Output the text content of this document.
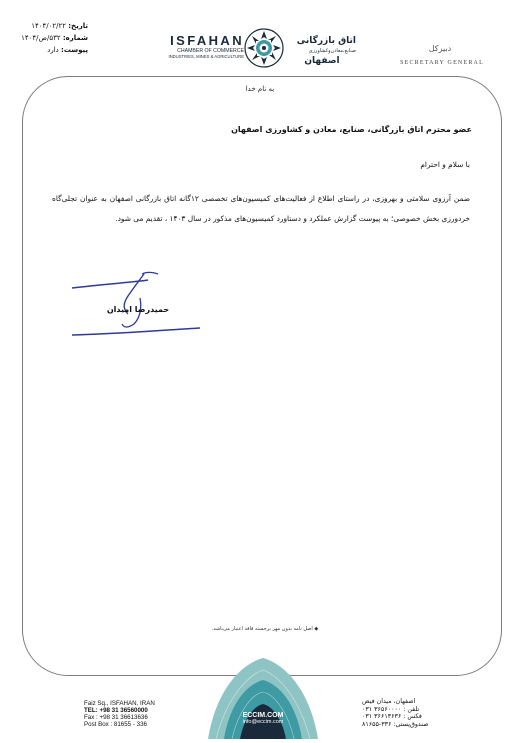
تاریخ: ۱۴۰۴/۰۲/۲۲
شماره: ۵۳۲/ص/۱۴۰۴
پیوست: دارد
ISFAHAN
CHAMBER OF COMMERCE
INDUSTRIES, MINES & AGRICULTURE
اتاق بازرگانی
صنایع،معادن‌وکشاورزی
اصفهان
دبیرکل
SECRETARY GENERAL
به نام خدا
عضو محترم اتاق بازرگانی، صنایع، معادن و کشاورزی اصفهان
با سلام و احترام
ضمن آرزوی سلامتی و بهروزی، در راستای اطلاع از فعالیت‌های کمیسیون‌های تخصصی ۱۲گانه اتاق بازرگانی اصفهان به عنوان تجلی‌گاه خردورزی بخش خصوصی؛ به پیوست گزارش عملکرد و دستاورد کمیسیون‌های مذکور در سال ۱۴۰۳ ، تقدیم می شود.
حمیدرضا امیدان
◆ اصل نامه بدون مهر برجسته فاقد اعتبار می‌باشد.
ECCIM.COM
info@eccim.com
Faiz Sq., ISFAHAN, IRAN
TEL: +98 31 36560000
Fax : +98 31 36613636
Post Box : 81655 - 336
اصفهان، میدان فیض
تلفن : ۳۶۵۶۰۰۰۰ ۰۳۱
فکس : ۳۶۶۱۳۶۳۶ ۰۳۱
صندوق‌پستی: ۳۳۶-۸۱۶۵۵
